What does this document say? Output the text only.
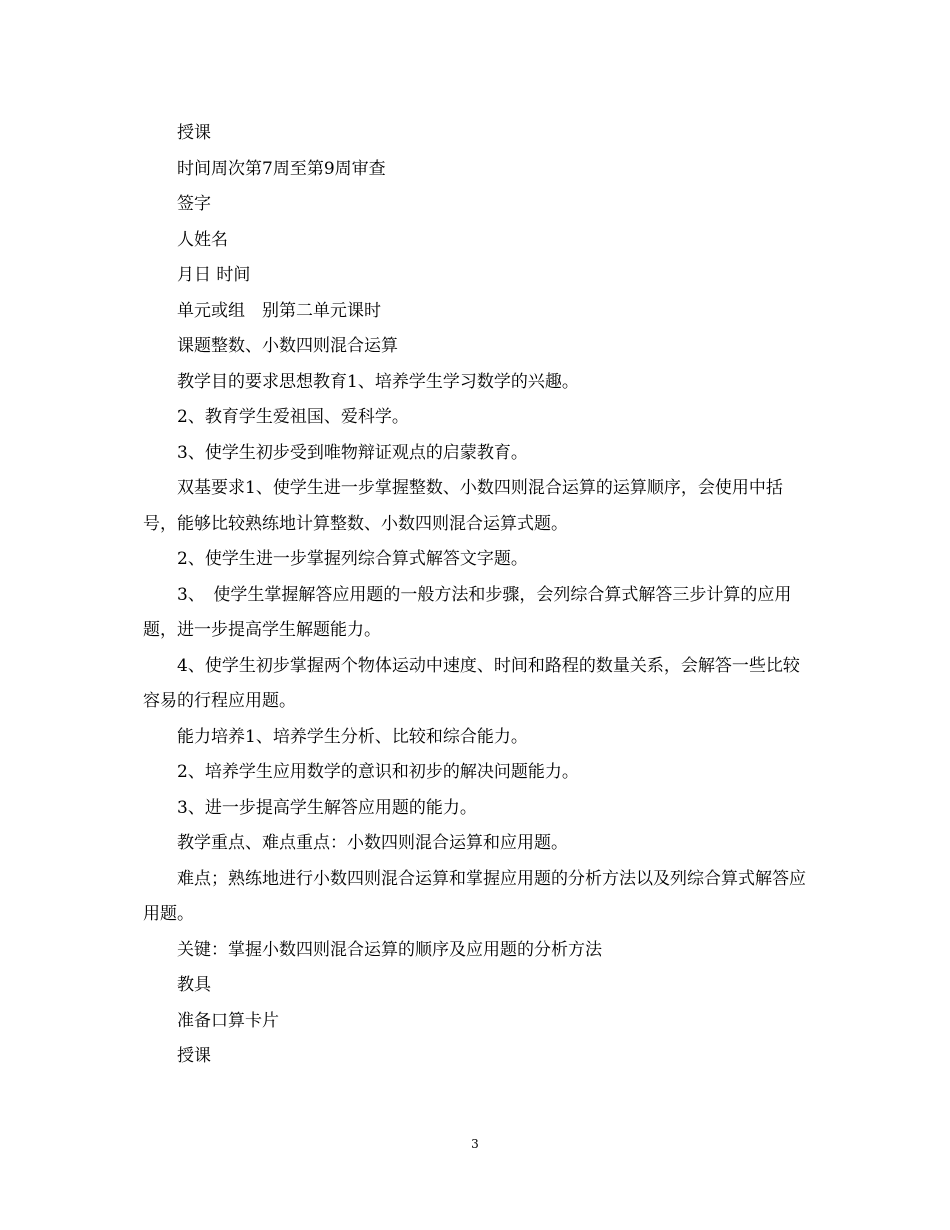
授课

时间周次第7周至第9周审查

签字

人姓名

月日 时间

单元或组　别第二单元课时

课题整数、小数四则混合运算

教学目的要求思想教育1、培养学生学习数学的兴趣。

2、教育学生爱祖国、爱科学。

3、使学生初步受到唯物辩证观点的启蒙教育。

双基要求1、使学生进一步掌握整数、小数四则混合运算的运算顺序，会使用中括号，能够比较熟练地计算整数、小数四则混合运算式题。

2、使学生进一步掌握列综合算式解答文字题。

3、　使学生掌握解答应用题的一般方法和步骤，会列综合算式解答三步计算的应用题，进一步提高学生解题能力。

4、使学生初步掌握两个物体运动中速度、时间和路程的数量关系，会解答一些比较容易的行程应用题。

能力培养1、培养学生分析、比较和综合能力。

2、培养学生应用数学的意识和初步的解决问题能力。

3、进一步提高学生解答应用题的能力。

教学重点、难点重点：小数四则混合运算和应用题。

难点；熟练地进行小数四则混合运算和掌握应用题的分析方法以及列综合算式解答应用题。

关键：掌握小数四则混合运算的顺序及应用题的分析方法

教具

准备口算卡片

授课

3
